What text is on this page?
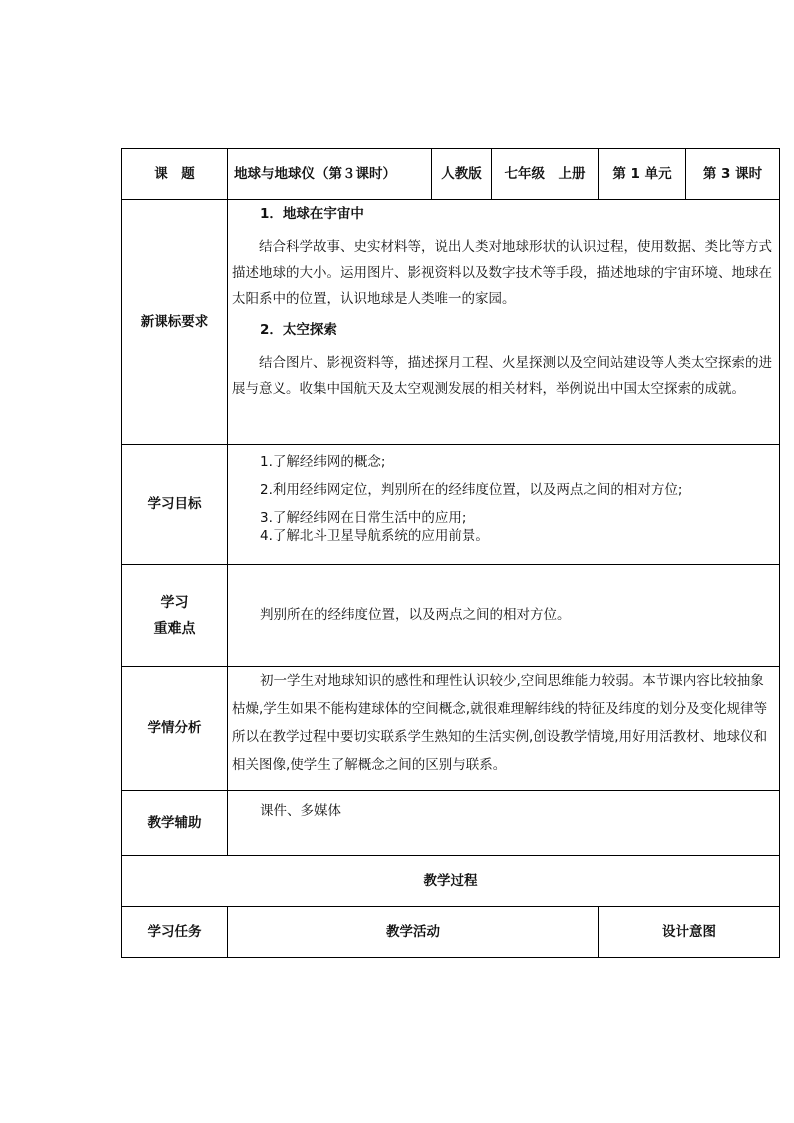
课　题	地球与地球仪（第３课时）	人教版	七年级　上册	第 1 单元	第 3 课时
新课标要求	1．地球在宇宙中
结合科学故事、史实材料等，说出人类对地球形状的认识过程，使用数据、类比等方式描述地球的大小。运用图片、影视资料以及数字技术等手段，描述地球的宇宙环境、地球在太阳系中的位置，认识地球是人类唯一的家园。
2．太空探索
结合图片、影视资料等，描述探月工程、火星探测以及空间站建设等人类太空探索的进展与意义。收集中国航天及太空观测发展的相关材料，举例说出中国太空探索的成就。				

学习目标	1.了解经纬网的概念;
2.利用经纬网定位，判别所在的经纬度位置，以及两点之间的相对方位;
3.了解经纬网在日常生活中的应用;
4.了解北斗卫星导航系统的应用前景。				

学习
重难点	判别所在的经纬度位置，以及两点之间的相对方位。				

学情分析	初一学生对地球知识的感性和理性认识较少,空间思维能力较弱。本节课内容比较抽象枯燥,学生如果不能构建球体的空间概念,就很难理解纬线的特征及纬度的划分及变化规律等所以在教学过程中要切实联系学生熟知的生活实例,创设教学情境,用好用活教材、地球仪和相关图像,使学生了解概念之间的区别与联系。				

教学辅助	课件、多媒体				

教学过程					
学习任务	教学活动			设计意图	
